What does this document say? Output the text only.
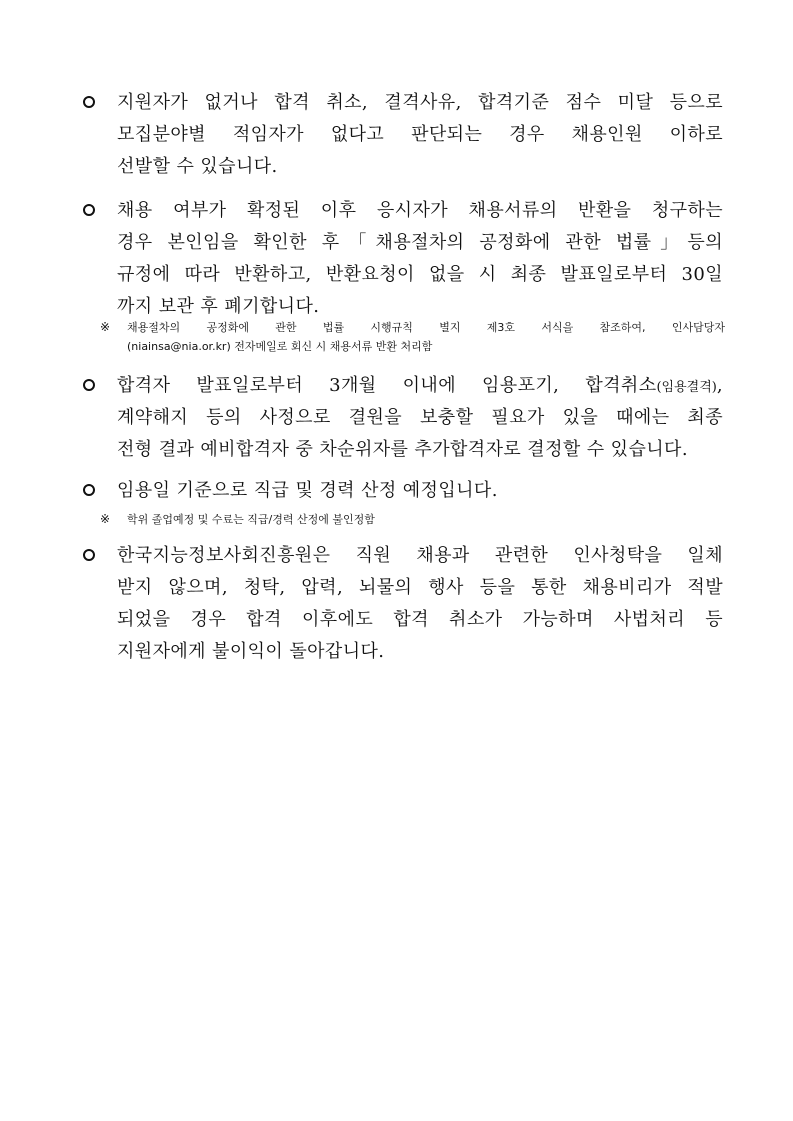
지원자가 없거나 합격 취소, 결격사유, 합격기준 점수 미달 등으로
모집분야별 적임자가 없다고 판단되는 경우 채용인원 이하로
선발할 수 있습니다.
채용 여부가 확정된 이후 응시자가 채용서류의 반환을 청구하는
경우 본인임을 확인한 후「채용절차의 공정화에 관한 법률」등의
규정에 따라 반환하고, 반환요청이 없을 시 최종 발표일로부터 30일
까지 보관 후 폐기합니다.
※ 채용절차의 공정화에 관한 법률 시행규칙 별지 제3호 서식을 참조하여, 인사담당자
(niainsa@nia.or.kr) 전자메일로 회신 시 채용서류 반환 처리함
합격자 발표일로부터 3개월 이내에 임용포기, 합격취소(임용결격),
계약해지 등의 사정으로 결원을 보충할 필요가 있을 때에는 최종
전형 결과 예비합격자 중 차순위자를 추가합격자로 결정할 수 있습니다.
임용일 기준으로 직급 및 경력 산정 예정입니다.
※ 학위 졸업예정 및 수료는 직급/경력 산정에 불인정함
한국지능정보사회진흥원은 직원 채용과 관련한 인사청탁을 일체
받지 않으며, 청탁, 압력, 뇌물의 행사 등을 통한 채용비리가 적발
되었을 경우 합격 이후에도 합격 취소가 가능하며 사법처리 등
지원자에게 불이익이 돌아갑니다.
